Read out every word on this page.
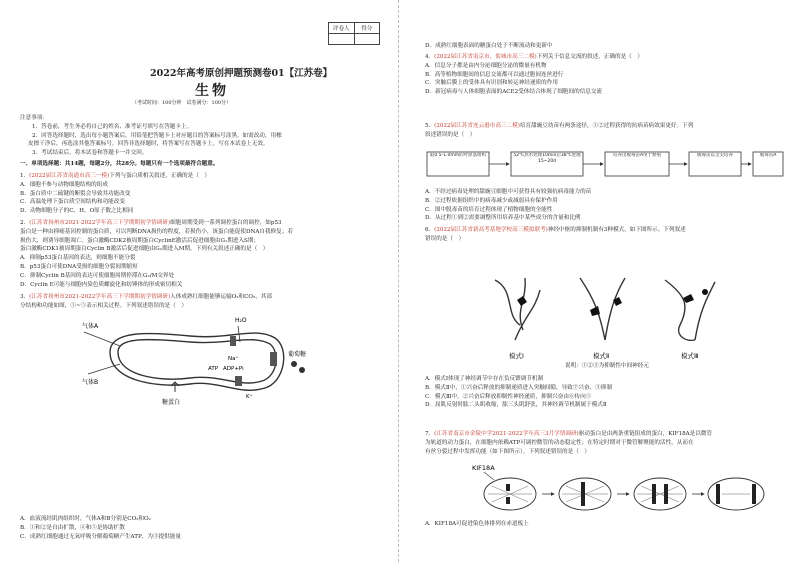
评卷人	得分

2022年高考原创押题预测卷01【江苏卷】
生物
（考试时间：100分钟　试卷满分：100分）
注意事项：
1．答卷前，考生务必将自己的姓名、准考证号填写在答题卡上。
2．回答选择题时，选出每小题答案后，用铅笔把答题卡上对应题目的答案标号涂黑。如需改动，用橡
皮擦干净后，再选涂其他答案标号。回答非选择题时，将答案写在答题卡上。写在本试卷上无效。
3．考试结束后，将本试卷和答题卡一并交回。
一、单项选择题：共14题，每题2分，共28分。每题只有一个选项最符合题意。
1．(2022届江苏省南通市高三一模)下列与蛋白质相关叙述，正确的是（　）
A．细胞不参与动物细胞结构的组成
B．蛋白质中二硫键的断裂会导致其功能改变
C．高温处理下蛋白质空间结构和功能改变
D．动物细胞分子的C、H、O原子数之比相同
2．(江苏省扬州市2021-2022学年高三下学期期初学情调研)细胞周期受到一系列调控蛋白的调控，如p53
蛋白是一种由抑癌基因控制的蛋白质，可以判断DNA损伤的程度，若损伤小，该蛋白能促使DNA自我修复；若
损伤大，则诱导细胞凋亡。蛋白激酶CDK2被周期蛋白CyclinE激活后促进细胞由G₁期进入S期；
蛋白激酶CDK1被周期蛋白Cyclin B激活后促进细胞由G₂期进入M期。下列有关叙述正确的是（　）
A．抑制p53蛋白基因的表达，则细胞不能分裂
B．p53蛋白可使DNA受损的细胞分裂间期缩短
C．抑制Cyclin B基因的表达可使细胞周期停滞在G₂/M交界处
D．Cyclin E可能与细胞内染色质螺旋化和纺锤体的形成密切相关
3．(江苏省扬州市2021-2022学年高三下学期期初学情调研)人体成熟红细胞能够运输O₂和CO₂，其部
分结构和功能如图，①~⑤表示相关过程。下列叙述错误的是（　）
气体A
气体B
H₂O
ATP ADP+Pi
Na⁺
K⁺
葡萄糖
糖蛋白
A．血液流经肌肉组织时，气体A和B分别是CO₂和O₂
B．①和②是自由扩散，④和⑤是协助扩散
C．成熟红细胞通过无氧呼吸分解葡萄糖产生ATP，为③提供能量
D．成熟红细胞表面的糖蛋白处于不断流动和更新中
4．(2022届江苏省南京市、盐城市高三二模)下列关于信息交流的叙述，正确的是（　）
A．信息分子都是由内分泌细胞分泌的微量有机物
B．高等植物细胞间的信息交流都可以通过胞间连丝进行
C．突触后膜上的受体具有识别和转运神经递质的作用
D．新冠病毒与人体细胞表面的ACE2受体结合体现了细胞间的信息交流
5．(2022届江苏省连云港市高三二模)培育甜豌豆幼苗有两条途径，①②过程获得的抗病苗病效果更好。下列
叙述错误的是（　）
取0.5-1.0mm的叶原基组织	52℃热水处理10min后38℃处理15~20d
培养出脱毒苗A用于繁殖	脱毒苗以茎尖培养	脱毒苗A
A．不经过病毒处理的甜豌豆细胞中可获得具有较强抗病毒能力的苗
B．②过程依据组织中的病毒减少或减弱具有保护作用
C．图中脱毒苗的培育过程体现了植物细胞的全能性
D．从过程①到②需要调整所用培养基中某些成分的含量和比例
6．(2022届江苏省新高考基地学校高三模拟联考)神经中枢的抑制机制有3种模式，如下图所示。下列叙述
错误的是（　）
模式Ⅰ	模式Ⅱ	模式Ⅲ
说明：①②③为抑制性中间神经元
A．模式Ⅰ体现了神经调节中存在负反馈调节机制
B．模式Ⅱ中，①兴奋后释放的抑制递质进入突触间隙，导致⑦兴奋、③抑制
C．模式Ⅲ中，②兴奋后释放抑制性神经递质，抑制兴奋由⑥传向⑤
D．屈肌反射时肱二头肌收缩，肱三头肌舒张，其神经调节机制属于模式Ⅱ
7．(江苏省南京市金陵中学2021-2022学年高三3月学情调研)驱动蛋白是由两条重链组成的蛋白，KIF18A是以微管
为轨道的动力蛋白，在细胞内依赖ATP可调控微管的动态稳定性；在特定时期对于微管解聚能的活性，从而在
有丝分裂过程中发挥功能（如下图所示）。下列叙述错误的是（　）
KIF18A
A．KIF18A可促进染色体排列在赤道板上
